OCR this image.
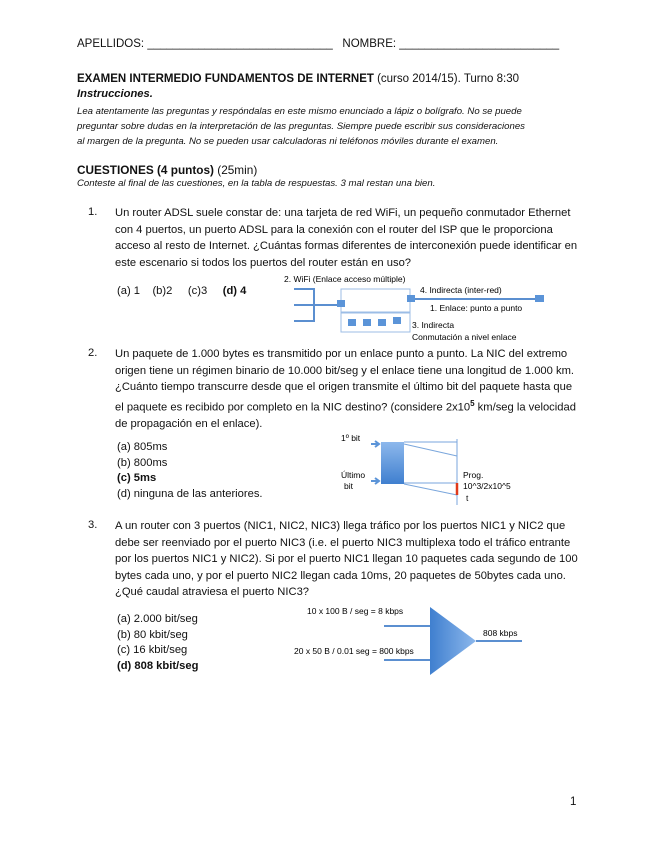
APELLIDOS: _____________________________ NOMBRE: _________________________
EXAMEN INTERMEDIO FUNDAMENTOS DE INTERNET (curso 2014/15). Turno 8:30
Instrucciones.
Lea atentamente las preguntas y respóndalas en este mismo enunciado a lápiz o bolígrafo. No se puede
preguntar sobre dudas en la interpretación de las preguntas. Siempre puede escribir sus consideraciones
al margen de la pregunta. No se pueden usar calculadoras ni teléfonos móviles durante el examen.
CUESTIONES (4 puntos) (25min)
Conteste al final de las cuestiones, en la tabla de respuestas. 3 mal restan una bien.
1. Un router ADSL suele constar de: una tarjeta de red WiFi, un pequeño conmutador Ethernet con 4 puertos, un puerto ADSL para la conexión con el router del ISP que le proporciona acceso al resto de Internet. ¿Cuántas formas diferentes de interconexión puede identificar en este escenario si todos los puertos del router están en uso?
(a) 1 (b)2 (c)3 (d) 4
2. WiFi (Enlace acceso múltiple)
4. Indirecta (inter-red)
1. Enlace: punto a punto
3. Indirecta
Conmutación a nivel enlace
2. Un paquete de 1.000 bytes es transmitido por un enlace punto a punto. La NIC del extremo origen tiene un régimen binario de 10.000 bit/seg y el enlace tiene una longitud de 1.000 km. ¿Cuánto tiempo transcurre desde que el origen transmite el último bit del paquete hasta que el paquete es recibido por completo en la NIC destino? (considere $2x10^5$ km/seg la velocidad de propagación en el enlace).
(a) 805ms
(b) 800ms
(c) 5ms
(d) ninguna de las anteriores.
1º bit
Último
bit
Prog.
10^3/2x10^5
t
3. A un router con 3 puertos (NIC1, NIC2, NIC3) llega tráfico por los puertos NIC1 y NIC2 que debe ser reenviado por el puerto NIC3 (i.e. el puerto NIC3 multiplexa todo el tráfico entrante por los puertos NIC1 y NIC2). Si por el puerto NIC1 llegan 10 paquetes cada segundo de 100 bytes cada uno, y por el puerto NIC2 llegan cada 10ms, 20 paquetes de 50bytes cada uno. ¿Qué caudal atraviesa el puerto NIC3?
(a) 2.000 bit/seg
(b) 80 kbit/seg
(c) 16 kbit/seg
(d) 808 kbit/seg
10 x 100 B / seg = 8 kbps
20 x 50 B / 0.01 seg = 800 kbps
808 kbps
1
